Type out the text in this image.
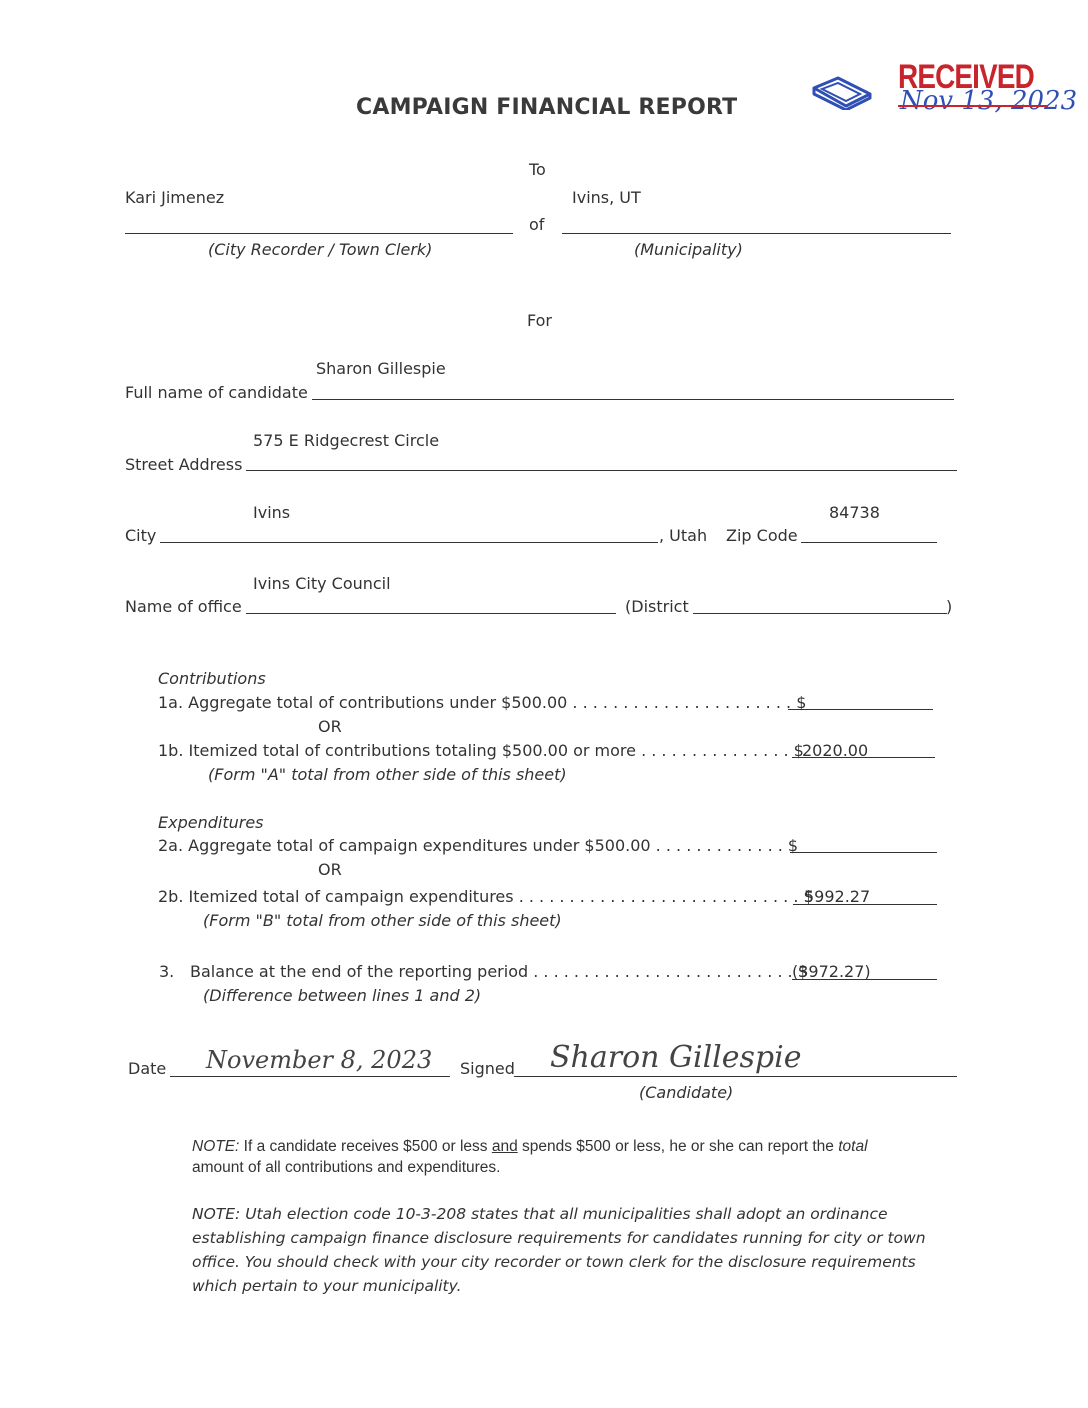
CAMPAIGN FINANCIAL REPORT
RECEIVED
Nov 13, 2023
To
Kari Jimenez	Ivins, UT
of
(City Recorder / Town Clerk)	(Municipality)
For
Sharon Gillespie
Full name of candidate
575 E Ridgecrest Circle
Street Address
Ivins	84738
City	, Utah Zip Code
Ivins City Council
Name of office	(District	)
Contributions
1a. Aggregate total of contributions under $500.00 . . . . . . . . . . . . . . . . . . . . . . $
OR
1b. Itemized total of contributions totaling $500.00 or more . . . . . . . . . . . . . . . $
2020.00
(Form "A" total from other side of this sheet)
Expenditures
2a. Aggregate total of campaign expenditures under $500.00 . . . . . . . . . . . . . $
OR
2b. Itemized total of campaign expenditures . . . . . . . . . . . . . . . . . . . . . . . . . . . . $
5992.27
(Form "B" total from other side of this sheet)
3. Balance at the end of the reporting period . . . . . . . . . . . . . . . . . . . . . . . . . . $
(3972.27)
(Difference between lines 1 and 2)
Date November 8, 2023 Signed Sharon Gillespie
(Candidate)
NOTE: If a candidate receives $500 or less and spends $500 or less, he or she can report the total
amount of all contributions and expenditures.
NOTE: Utah election code 10-3-208 states that all municipalities shall adopt an ordinance
establishing campaign finance disclosure requirements for candidates running for city or town
office. You should check with your city recorder or town clerk for the disclosure requirements
which pertain to your municipality.
